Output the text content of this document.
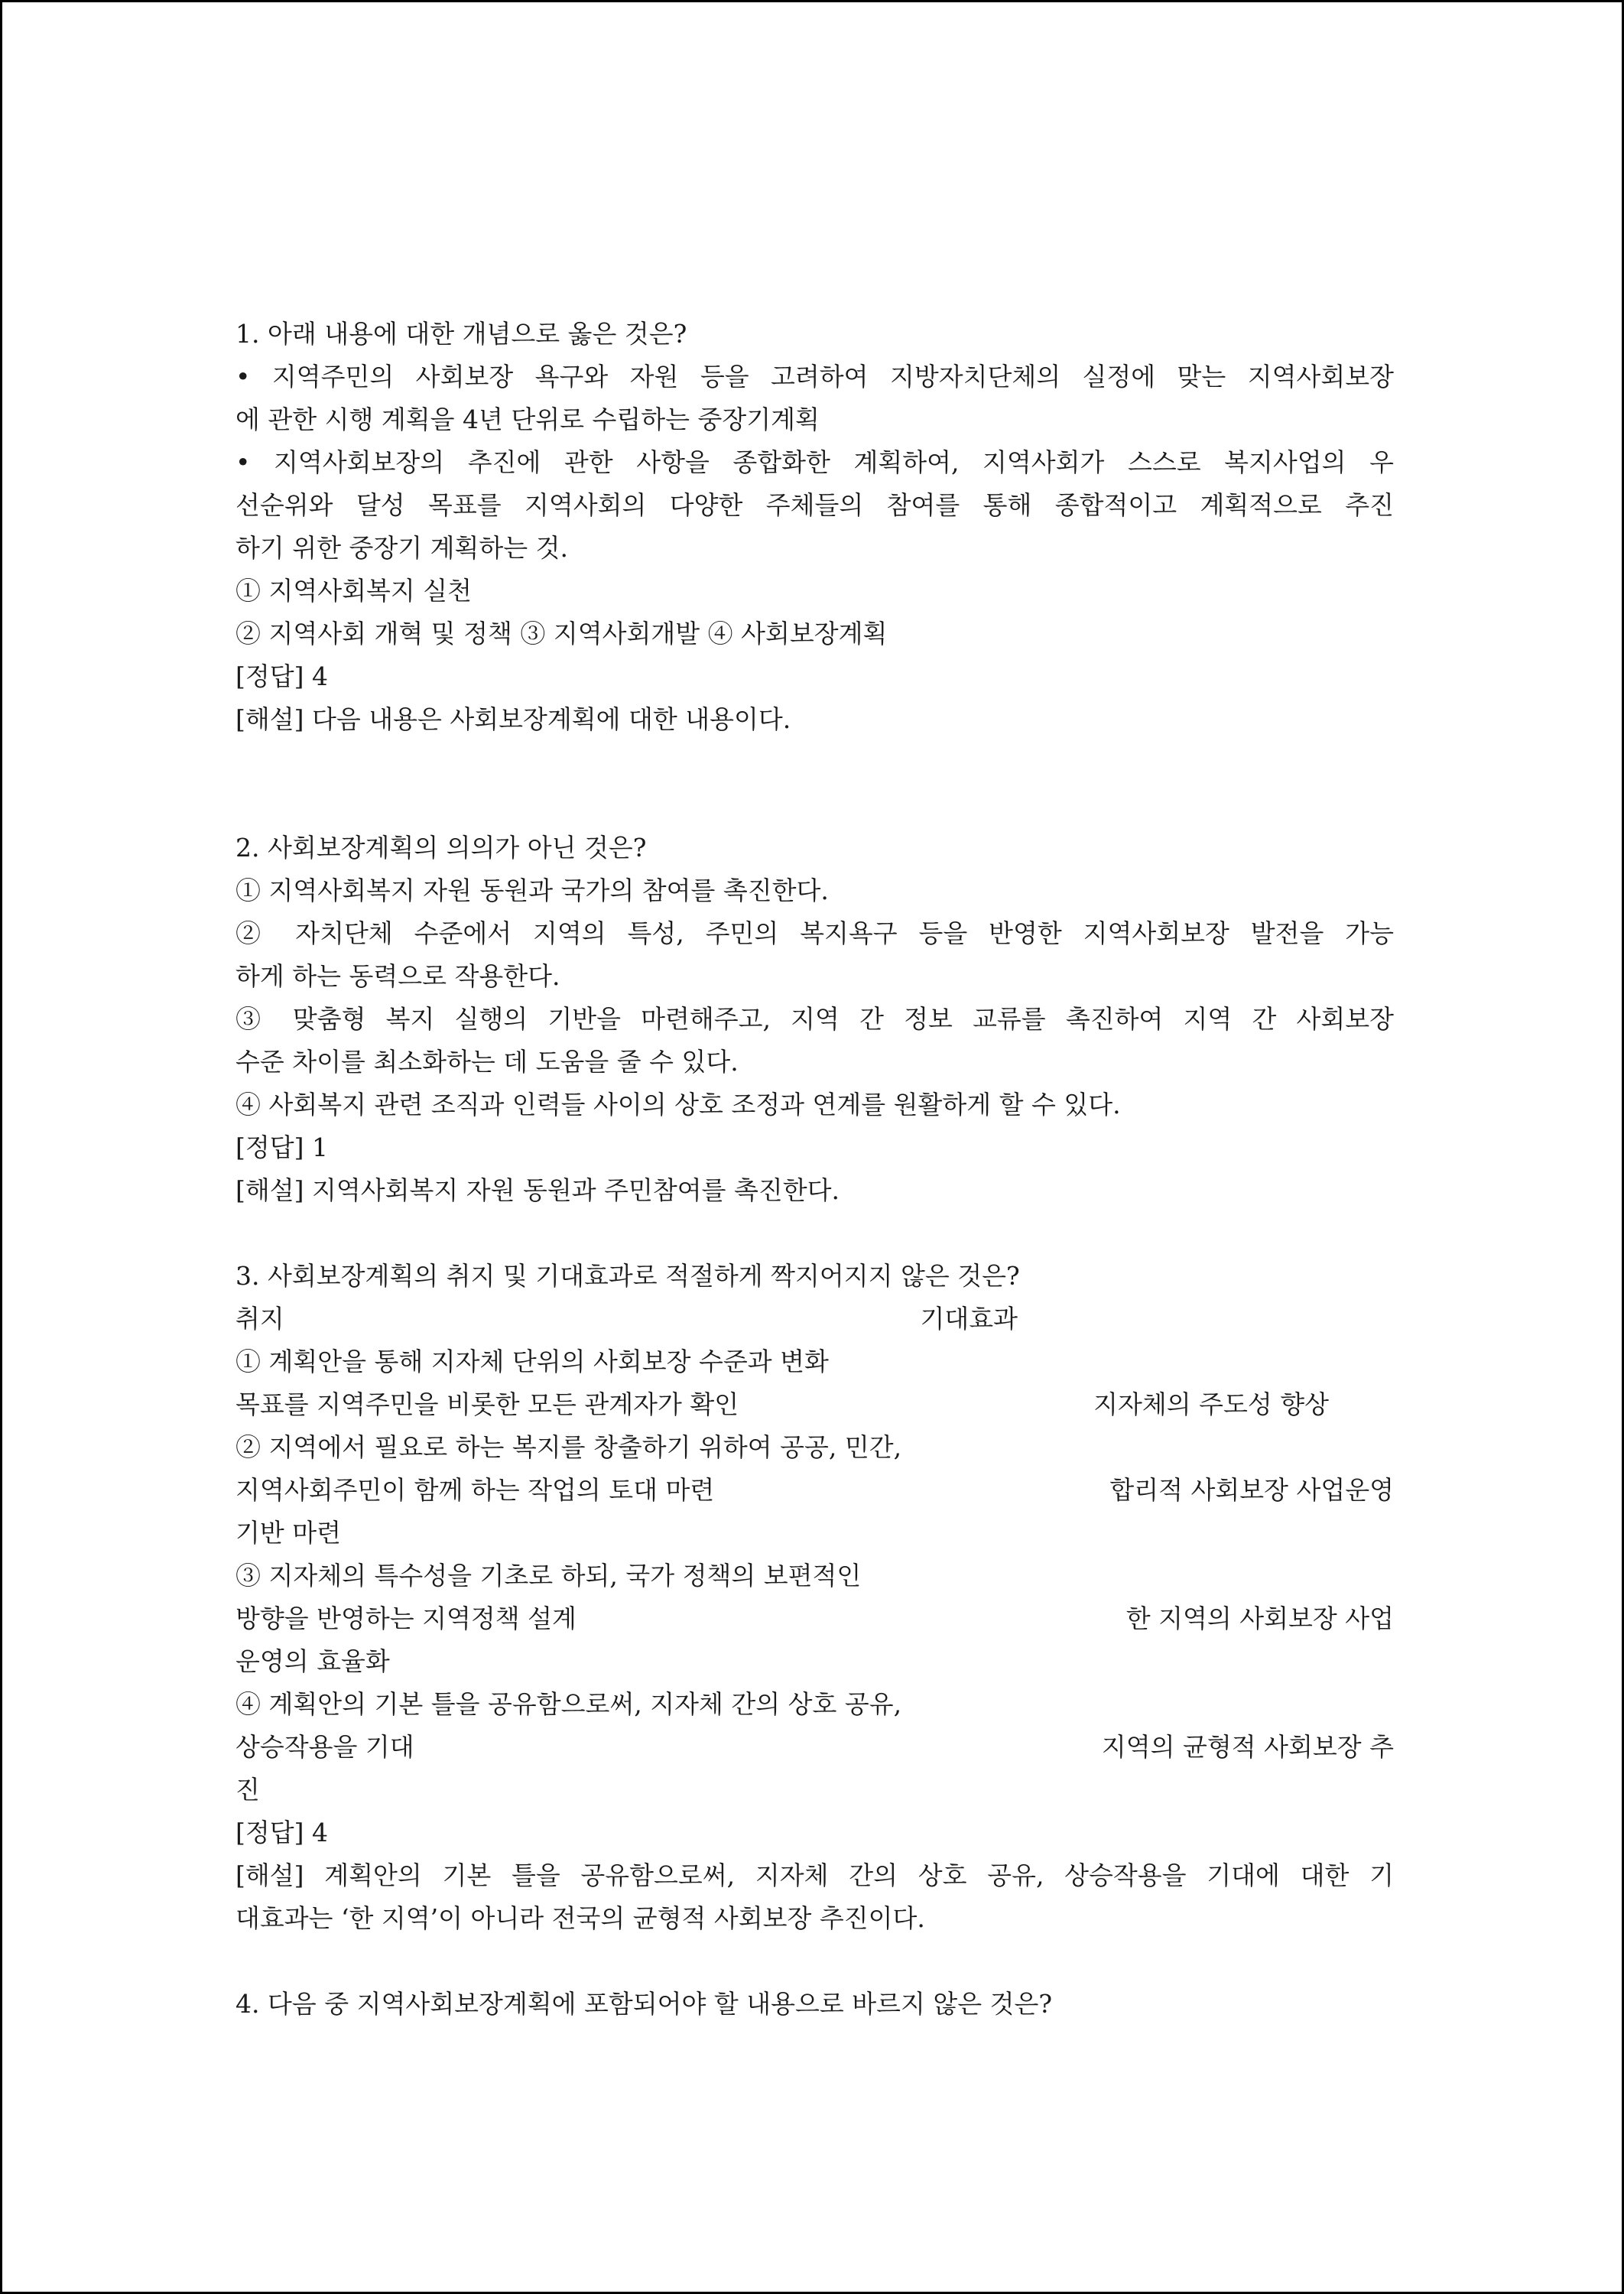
1. 아래 내용에 대한 개념으로 옳은 것은?
• 지역주민의 사회보장 욕구와 자원 등을 고려하여 지방자치단체의 실정에 맞는 지역사회보장
에 관한 시행 계획을 4년 단위로 수립하는 중장기계획
• 지역사회보장의 추진에 관한 사항을 종합화한 계획하여, 지역사회가 스스로 복지사업의 우
선순위와 달성 목표를 지역사회의 다양한 주체들의 참여를 통해 종합적이고 계획적으로 추진
하기 위한 중장기 계획하는 것.
① 지역사회복지 실천
② 지역사회 개혁 및 정책 ③ 지역사회개발 ④ 사회보장계획
[정답] 4
[해설] 다음 내용은 사회보장계획에 대한 내용이다.
2. 사회보장계획의 의의가 아닌 것은?
① 지역사회복지 자원 동원과 국가의 참여를 촉진한다.
② 자치단체 수준에서 지역의 특성, 주민의 복지욕구 등을 반영한 지역사회보장 발전을 가능
하게 하는 동력으로 작용한다.
③ 맞춤형 복지 실행의 기반을 마련해주고, 지역 간 정보 교류를 촉진하여 지역 간 사회보장
수준 차이를 최소화하는 데 도움을 줄 수 있다.
④ 사회복지 관련 조직과 인력들 사이의 상호 조정과 연계를 원활하게 할 수 있다.
[정답] 1
[해설] 지역사회복지 자원 동원과 주민참여를 촉진한다.
3. 사회보장계획의 취지 및 기대효과로 적절하게 짝지어지지 않은 것은?
취지	기대효과
① 계획안을 통해 지자체 단위의 사회보장 수준과 변화
목표를 지역주민을 비롯한 모든 관계자가 확인	지자체의 주도성 향상
② 지역에서 필요로 하는 복지를 창출하기 위하여 공공, 민간,
지역사회주민이 함께 하는 작업의 토대 마련	합리적 사회보장 사업운영
기반 마련
③ 지자체의 특수성을 기초로 하되, 국가 정책의 보편적인
방향을 반영하는 지역정책 설계	한 지역의 사회보장 사업
운영의 효율화
④ 계획안의 기본 틀을 공유함으로써, 지자체 간의 상호 공유,
상승작용을 기대	지역의 균형적 사회보장 추
진
[정답] 4
[해설] 계획안의 기본 틀을 공유함으로써, 지자체 간의 상호 공유, 상승작용을 기대에 대한 기
대효과는 ‘한 지역’이 아니라 전국의 균형적 사회보장 추진이다.
4. 다음 중 지역사회보장계획에 포함되어야 할 내용으로 바르지 않은 것은?
